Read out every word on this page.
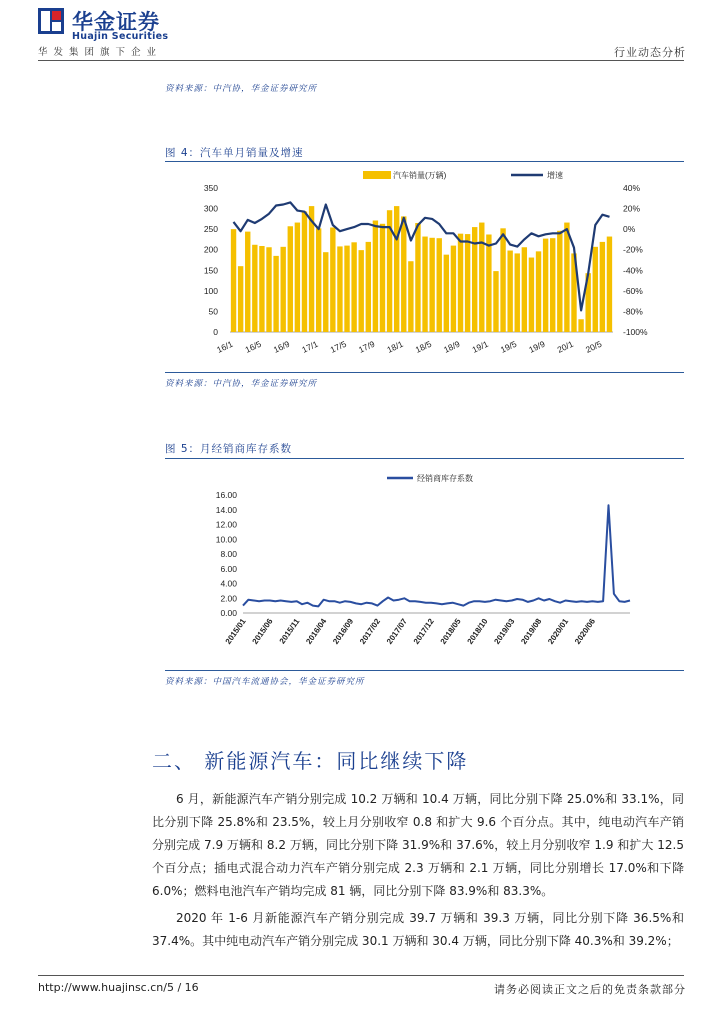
华金证券
Huajin Securities
华发集团旗下企业	行业动态分析
资料来源：中汽协，华金证券研究所
图 4：汽车单月销量及增速
汽车销量(万辆)	增速
350
300
250
200
150
100
50
0
40%
20%
0%
-20%
-40%
-60%
-80%
-100%
16/1 16/5 16/9 17/1 17/5 17/9 18/1 18/5 18/9 19/1 19/5 19/9 20/1 20/5
资料来源：中汽协，华金证券研究所
图 5：月经销商库存系数
经销商库存系数
16.00
14.00
12.00
10.00
8.00
6.00
4.00
2.00
0.00
2015/01 2015/06 2015/11 2016/04 2016/09 2017/02 2017/07 2017/12 2018/05 2018/10 2019/03 2019/08 2020/01 2020/06
资料来源：中国汽车流通协会，华金证券研究所
二、 新能源汽车：同比继续下降

6 月，新能源汽车产销分别完成 10.2 万辆和 10.4 万辆，同比分别下降 25.0%和 33.1%，同比分别下降 25.8%和 23.5%，较上月分别收窄 0.8 和扩大 9.6 个百分点。其中，纯电动汽车产销分别完成 7.9 万辆和 8.2 万辆，同比分别下降 31.9%和 37.6%，较上月分别收窄 1.9 和扩大 12.5 个百分点；插电式混合动力汽车产销分别完成 2.3 万辆和 2.1 万辆，同比分别增长 17.0%和下降 6.0%；燃料电池汽车产销均完成 81 辆，同比分别下降 83.9%和 83.3%。

2020 年 1-6 月新能源汽车产销分别完成 39.7 万辆和 39.3 万辆，同比分别下降 36.5%和 37.4%。其中纯电动汽车产销分别完成 30.1 万辆和 30.4 万辆，同比分别下降 40.3%和 39.2%；

http://www.huajinsc.cn/5 / 16	请务必阅读正文之后的免责条款部分
